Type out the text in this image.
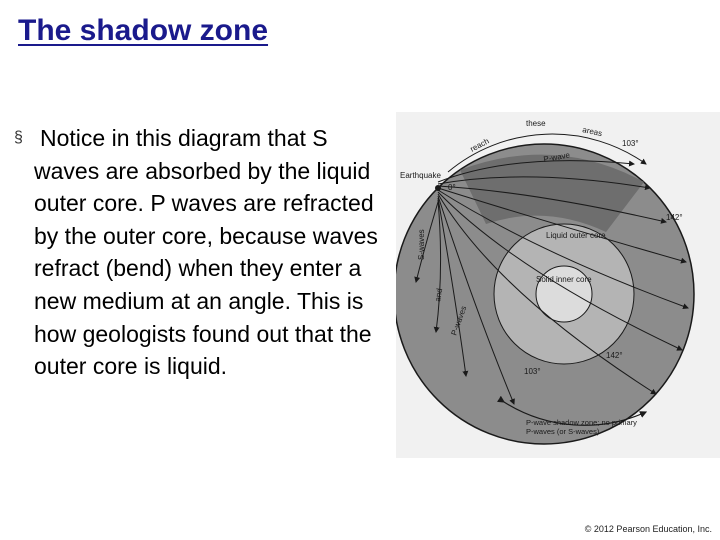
The shadow zone
§ Notice in this diagram that S waves are absorbed by the liquid outer core. P waves are refracted by the outer core, because waves refract (bend) when they enter a new medium at an angle. This is how geologists found out that the outer core is liquid.
these
reach
areas
P-wave
Earthquake
0°
103°
142°
Liquid outer core
Solid inner core
S-waves
and
P-waves
103°
142°
P-wave shadow zone; no primary P-waves (or S-waves)
© 2012 Pearson Education, Inc.
